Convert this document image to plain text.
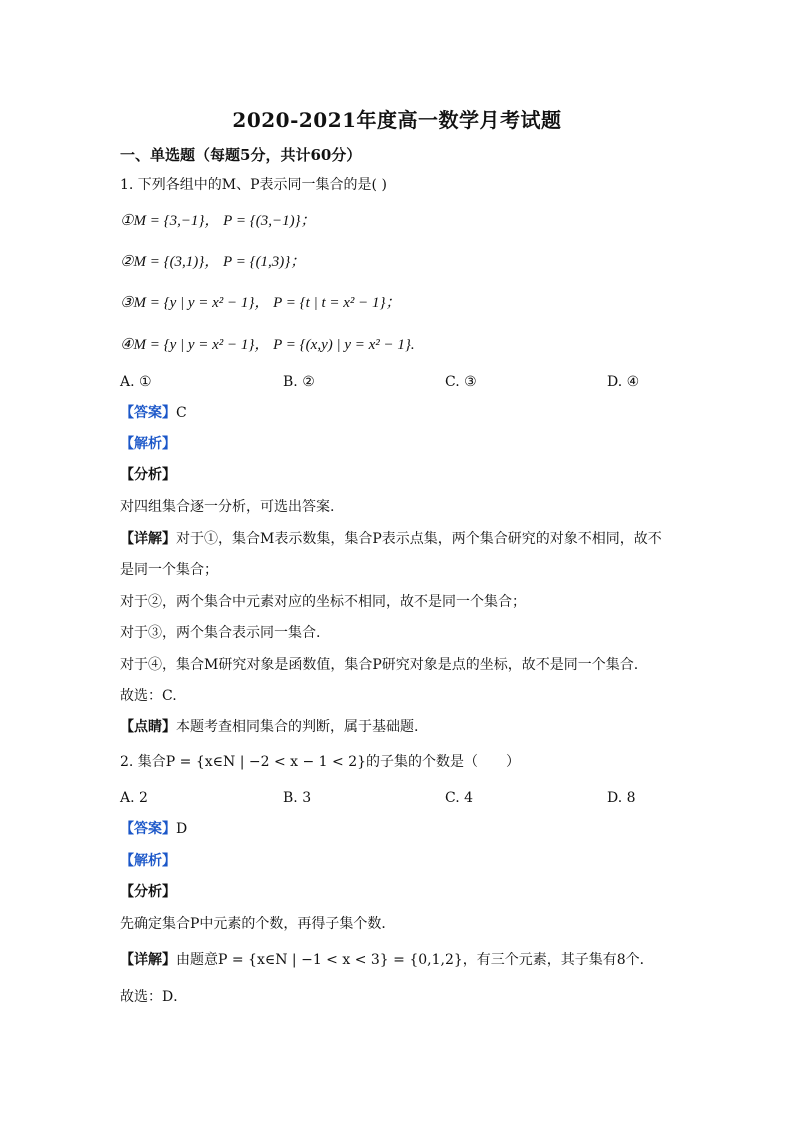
2020-2021年度高一数学月考试题
一、单选题（每题5分，共计60分）
1. 下列各组中的M、P表示同一集合的是( )
①M = {3,−1}， P = {(3,−1)}；
②M = {(3,1)}， P = {(1,3)}；
③M = {y | y = x² − 1}， P = {t | t = x² − 1}；
④M = {y | y = x² − 1}， P = {(x,y) | y = x² − 1}.
A. ①	B. ②	C. ③	D. ④
【答案】C
【解析】
【分析】
对四组集合逐一分析，可选出答案.
【详解】对于①，集合M表示数集，集合P表示点集，两个集合研究的对象不相同，故不
是同一个集合；
对于②，两个集合中元素对应的坐标不相同，故不是同一个集合；
对于③，两个集合表示同一集合.
对于④，集合M研究对象是函数值，集合P研究对象是点的坐标，故不是同一个集合.
故选：C.
【点睛】本题考查相同集合的判断，属于基础题.
2. 集合P = {x∈N | −2 < x − 1 < 2}的子集的个数是（　　）
A. 2	B. 3	C. 4	D. 8
【答案】D
【解析】
【分析】
先确定集合P中元素的个数，再得子集个数．
【详解】由题意P = {x∈N | −1 < x < 3} = {0,1,2}，有三个元素，其子集有8个．
故选：D．
